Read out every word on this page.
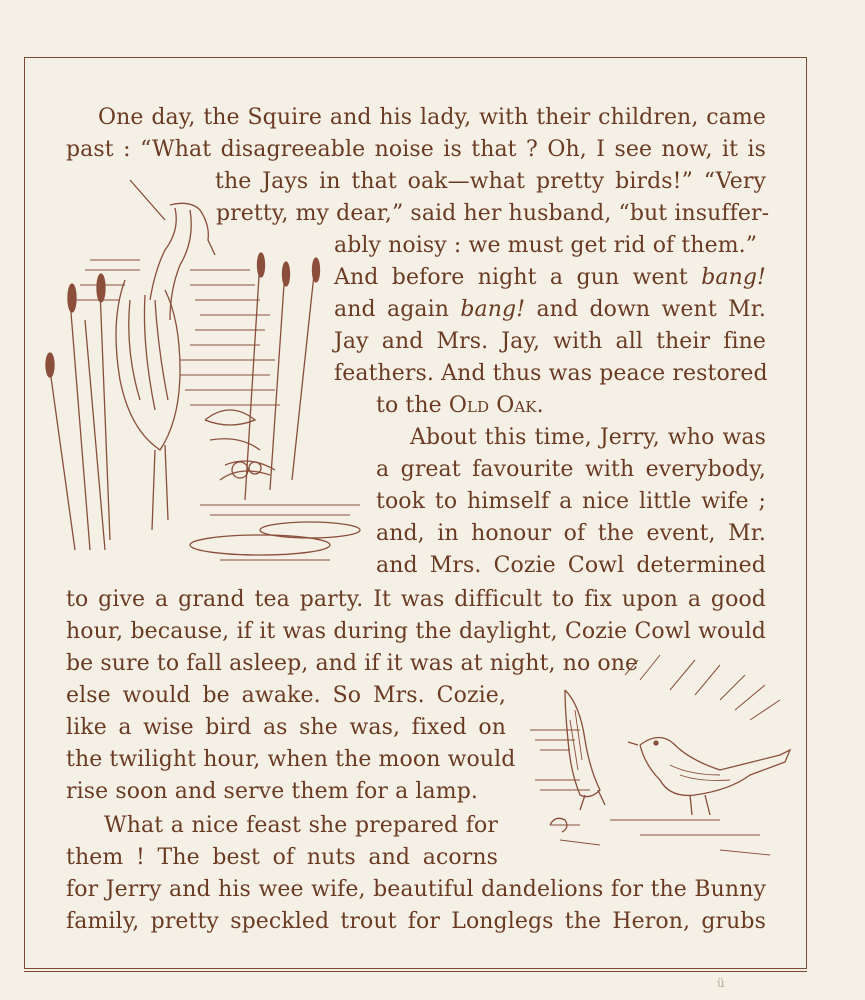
One day, the Squire and his lady, with their children, came
past : “What disagreeable noise is that ? Oh, I see now, it is
the Jays in that oak—what pretty birds!” “Very
pretty, my dear,” said her husband, “but insuffer-
ably noisy : we must get rid of them.”
And before night a gun went bang!
and again bang! and down went Mr.
Jay and Mrs. Jay, with all their fine
feathers. And thus was peace restored
to the Old Oak.
About this time, Jerry, who was
a great favourite with everybody,
took to himself a nice little wife ;
and, in honour of the event, Mr.
and Mrs. Cozie Cowl determined
to give a grand tea party. It was difficult to fix upon a good
hour, because, if it was during the daylight, Cozie Cowl would
be sure to fall asleep, and if it was at night, no one
else would be awake. So Mrs. Cozie,
like a wise bird as she was, fixed on
the twilight hour, when the moon would
rise soon and serve them for a lamp.
What a nice feast she prepared for
them ! The best of nuts and acorns
for Jerry and his wee wife, beautiful dandelions for the Bunny
family, pretty speckled trout for Longlegs the Heron, grubs
ü
